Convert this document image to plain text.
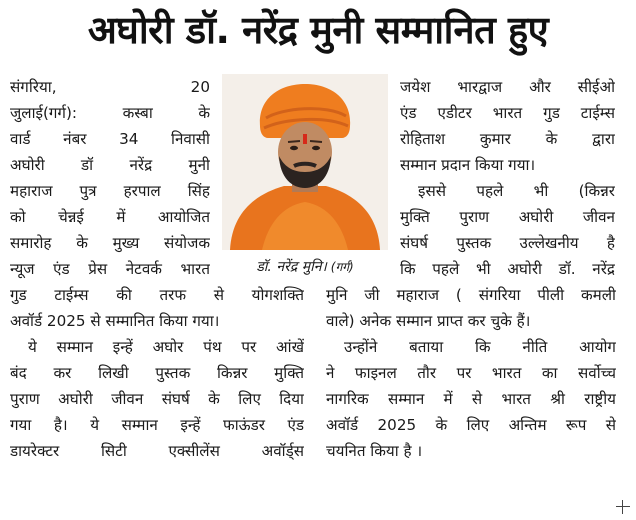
अघोरी डॉ. नरेंद्र मुनी सम्मानित हुए
संगरिया, 20
जुलाई(गर्ग): कस्बा के
वार्ड नंबर 34 निवासी
अघोरी डॉ नरेंद्र मुनी
महाराज पुत्र हरपाल सिंह
को चेन्नई में आयोजित
समारोह के मुख्य संयोजक
न्यूज एंड प्रेस नेटवर्क भारत	डॉ. नरेंद्र मुनि। (गर्ग)
जयेश भारद्वाज और सीईओ
एंड एडीटर भारत गुड टाईम्स
रोहिताश कुमार के द्वारा
सम्मान प्रदान किया गया।
इससे पहले भी (किन्नर
मुक्ति पुराण अघोरी जीवन
संघर्ष पुस्तक उल्लेखनीय है
कि पहले भी अघोरी डॉ. नरेंद्र
गुड टाईम्स की तरफ से योगशक्ति
अवॉर्ड 2025 से सम्मानित किया गया।
ये सम्मान इन्हें अघोर पंथ पर आंखें
बंद कर लिखी पुस्तक किन्नर मुक्ति
पुराण अघोरी जीवन संघर्ष के लिए दिया
गया है। ये सम्मान इन्हें फाऊंडर एंड
डायरेक्टर सिटी एक्सीलेंस अवॉर्ड्स
मुनि जी महाराज ( संगरिया पीली कमली
वाले) अनेक सम्मान प्राप्त कर चुके हैं।
उन्होंने बताया कि नीति आयोग
ने फाइनल तौर पर भारत का सर्वोच्च
नागरिक सम्मान में से भारत श्री राष्ट्रीय
अवॉर्ड 2025 के लिए अन्तिम रूप से
चयनित किया है ।
